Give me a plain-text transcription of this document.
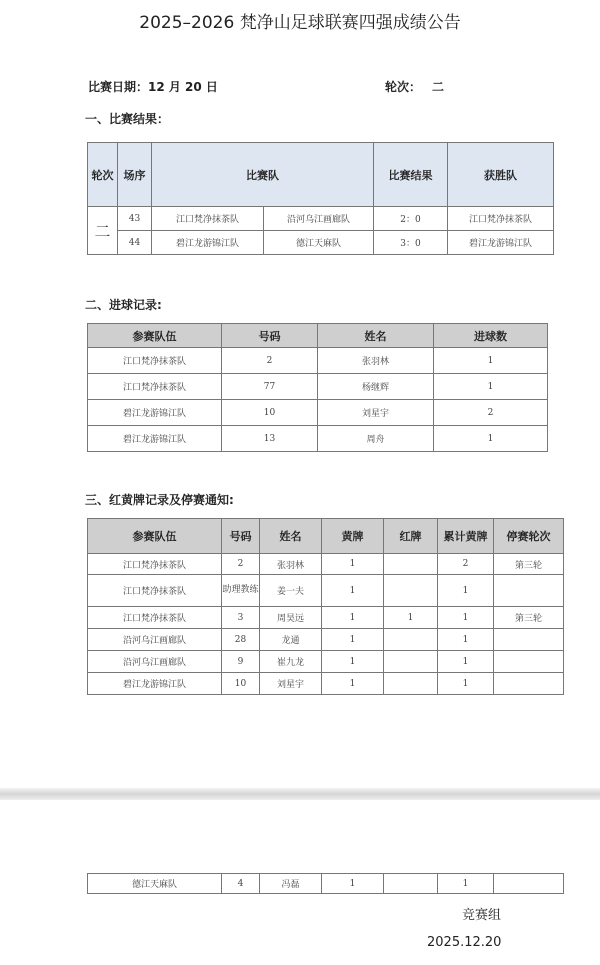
2025–2026 梵净山足球联赛四强成绩公告
比赛日期：12 月 20 日	轮次： 二
一、比赛结果：
轮次	场序	比赛队		比赛结果	获胜队
二	43	江口梵净抹茶队	沿河乌江画廊队	2：0	江口梵净抹茶队
	44	碧江龙游锦江队	德江天麻队	3：0	碧江龙游锦江队
二、进球记录:
参赛队伍	号码	姓名	进球数
江口梵净抹茶队	2	张羽林	1
江口梵净抹茶队	77	杨继辉	1
碧江龙游锦江队	10	刘星宇	2
碧江龙游锦江队	13	周舟	1
三、红黄牌记录及停赛通知:
参赛队伍	号码	姓名	黄牌	红牌	累计黄牌	停赛轮次
江口梵净抹茶队	2	张羽林	1		2	第三轮
江口梵净抹茶队	助理教练	姜一夫	1		1	
江口梵净抹茶队	3	周昊远	1	1	1	第三轮
沿河乌江画廊队	28	龙通	1		1	
沿河乌江画廊队	9	崔九龙	1		1	
碧江龙游锦江队	10	刘星宇	1		1	
德江天麻队	4	冯磊	1		1	
竞赛组
2025.12.20
